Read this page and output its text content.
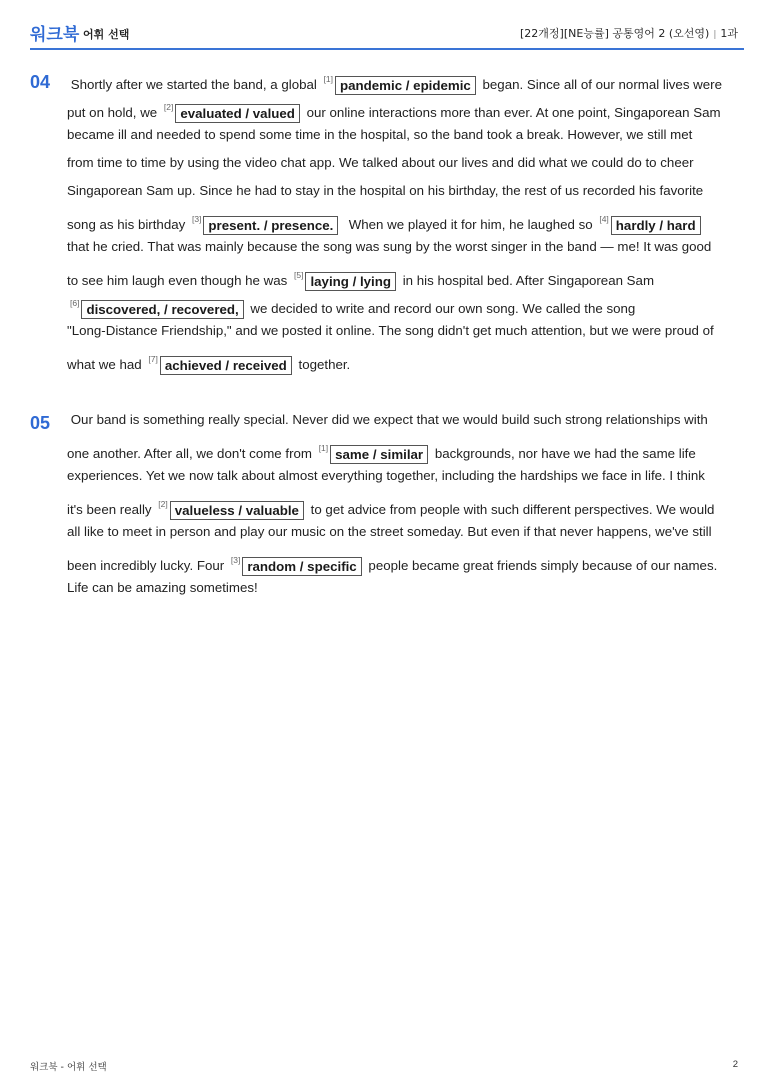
워크북 어휘 선택	[22개정][NE능률] 공통영어 2 (오선영) | 1과
04 Shortly after we started the band, a global [1] pandemic / epidemic began. Since all of our normal lives were
put on hold, we [2] evaluated / valued our online interactions more than ever. At one point, Singaporean Sam
became ill and needed to spend some time in the hospital, so the band took a break. However, we still met
from time to time by using the video chat app. We talked about our lives and did what we could do to cheer
Singaporean Sam up. Since he had to stay in the hospital on his birthday, the rest of us recorded his favorite
song as his birthday [3] present. / presence. When we played it for him, he laughed so [4] hardly / hard
that he cried. That was mainly because the song was sung by the worst singer in the band — me! It was good
to see him laugh even though he was [5] laying / lying in his hospital bed. After Singaporean Sam
[6] discovered, / recovered, we decided to write and record our own song. We called the song
"Long-Distance Friendship," and we posted it online. The song didn't get much attention, but we were proud of
what we had [7] achieved / received together.
05 Our band is something really special. Never did we expect that we would build such strong relationships with
one another. After all, we don't come from [1] same / similar backgrounds, nor have we had the same life
experiences. Yet we now talk about almost everything together, including the hardships we face in life. I think
it's been really [2] valueless / valuable to get advice from people with such different perspectives. We would
all like to meet in person and play our music on the street someday. But even if that never happens, we've still
been incredibly lucky. Four [3] random / specific people became great friends simply because of our names.
Life can be amazing sometimes!
워크북 - 어휘 선택	2
